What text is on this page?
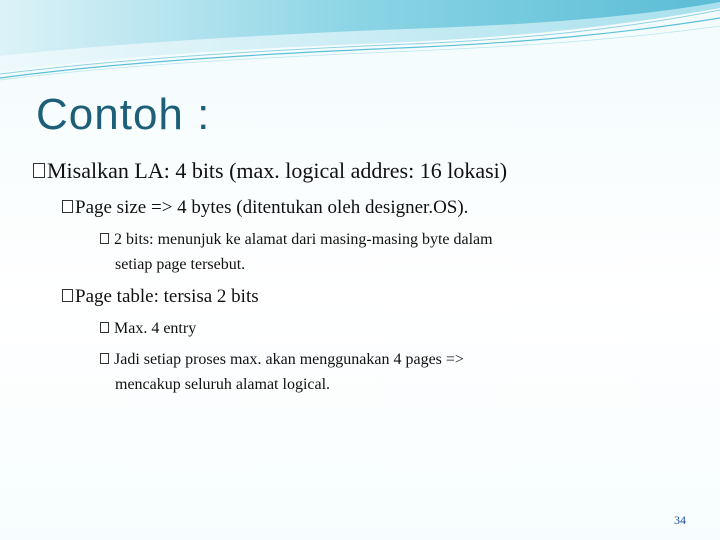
Contoh :
Misalkan LA: 4 bits (max. logical addres: 16 lokasi)
Page size => 4 bytes (ditentukan oleh designer.OS).
2 bits: menunjuk ke alamat dari masing-masing byte dalam
setiap page tersebut.
Page table: tersisa 2 bits
Max. 4 entry
Jadi setiap proses max. akan menggunakan 4 pages =>
mencakup seluruh alamat logical.
34
